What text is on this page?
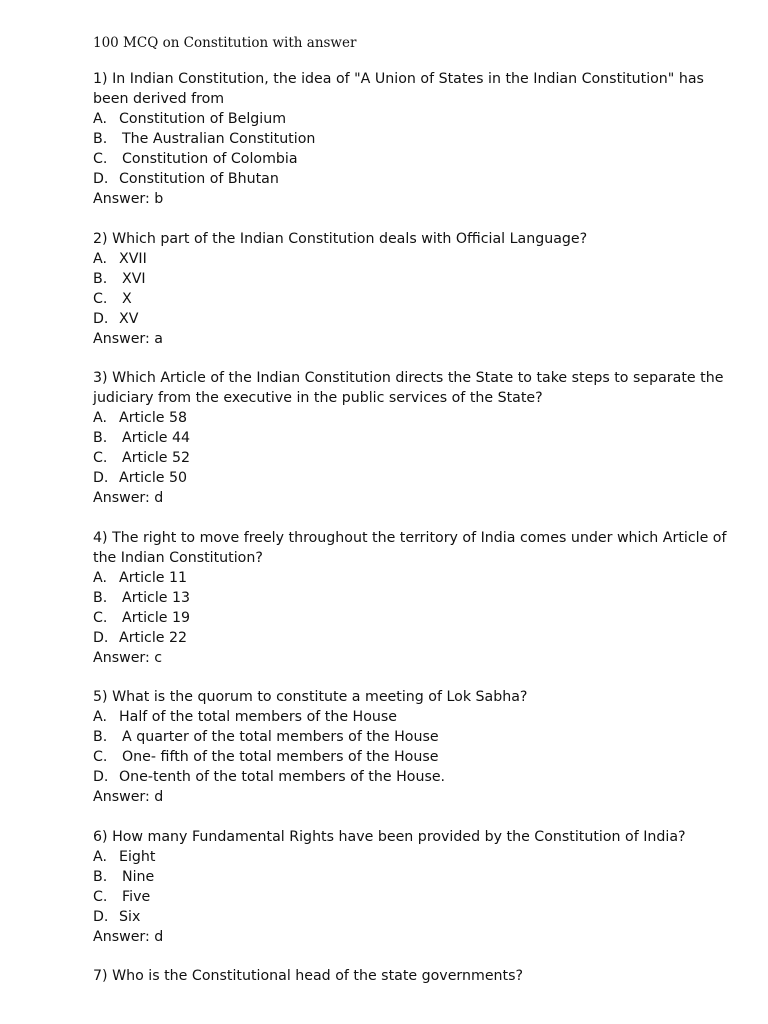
100 MCQ on Constitution with answer

1) In Indian Constitution, the idea of "A Union of States in the Indian Constitution" has been derived from

A. Constitution of Belgium

B. The Australian Constitution

C. Constitution of Colombia

D. Constitution of Bhutan

Answer: b

2) Which part of the Indian Constitution deals with Official Language?

A. XVII

B. XVI

C. X

D. XV

Answer: a

3) Which Article of the Indian Constitution directs the State to take steps to separate the judiciary from the executive in the public services of the State?

A. Article 58

B. Article 44

C. Article 52

D. Article 50

Answer: d

4) The right to move freely throughout the territory of India comes under which Article of the Indian Constitution?

A. Article 11

B. Article 13

C. Article 19

D. Article 22

Answer: c

5) What is the quorum to constitute a meeting of Lok Sabha?

A. Half of the total members of the House

B. A quarter of the total members of the House

C. One- fifth of the total members of the House

D. One-tenth of the total members of the House.

Answer: d

6) How many Fundamental Rights have been provided by the Constitution of India?

A. Eight

B. Nine

C. Five

D. Six

Answer: d

7) Who is the Constitutional head of the state governments?
